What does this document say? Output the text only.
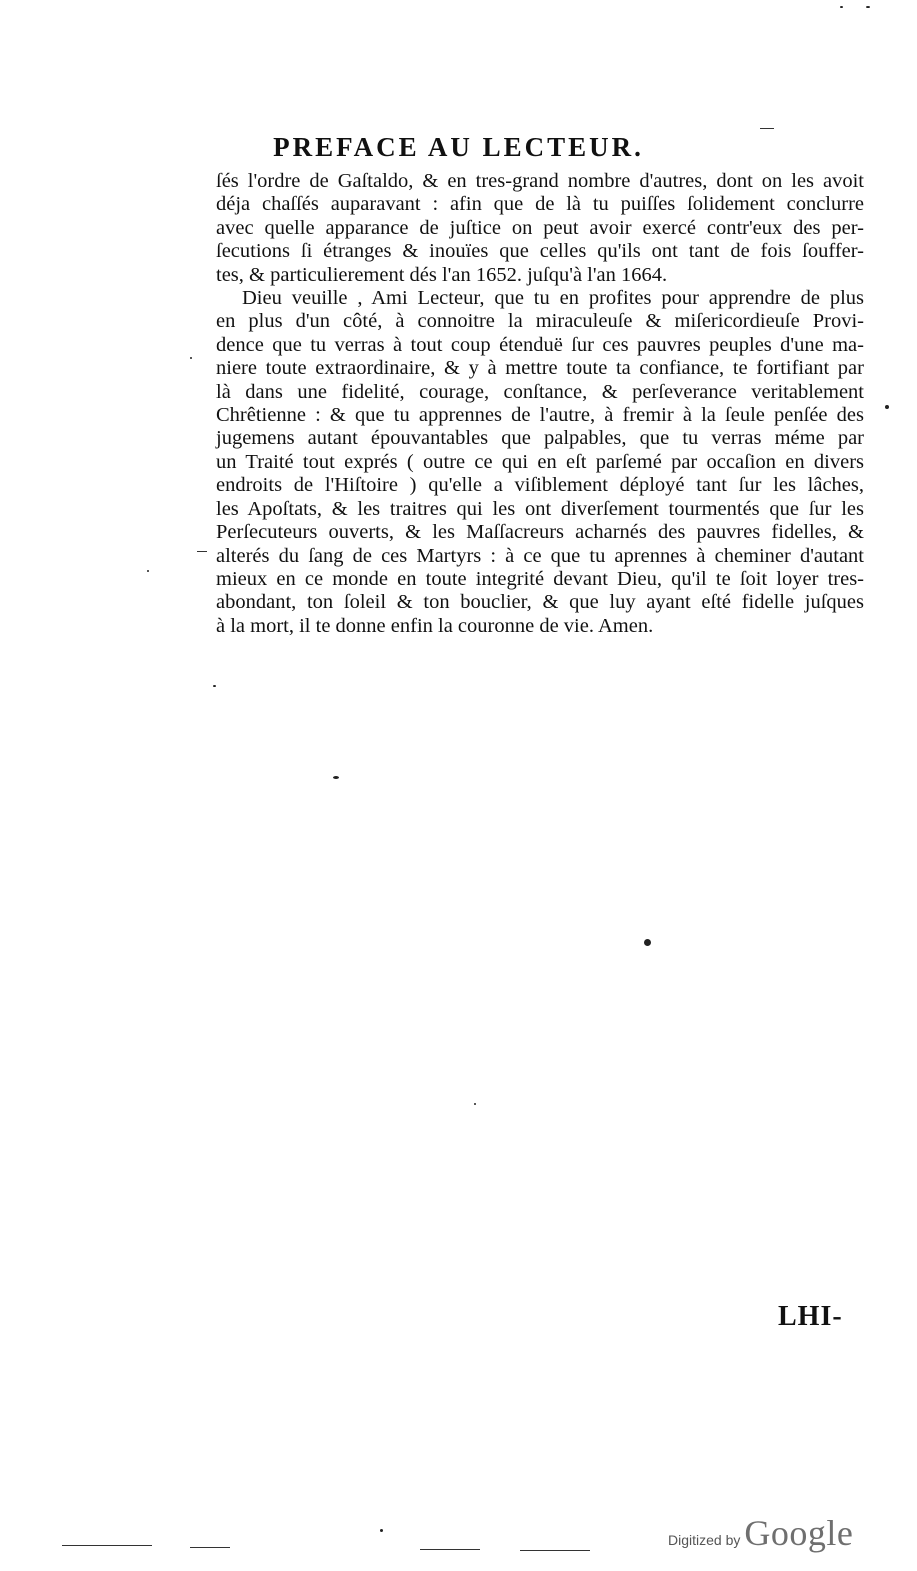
PREFACE AU LECTEUR.
ſés l'ordre de Gaſtaldo, & en tres-grand nombre d'autres, dont on les avoit
déja chaſſés auparavant : afin que de là tu puiſſes ſolidement conclurre
avec quelle apparance de juſtice on peut avoir exercé contr'eux des per-
ſecutions ſi étranges & inouïes que celles qu'ils ont tant de fois ſouffer-
tes, & particulierement dés l'an 1652. juſqu'à l'an 1664.
Dieu veuille , Ami Lecteur, que tu en profites pour apprendre de plus
en plus d'un côté, à connoitre la miraculeuſe & miſericordieuſe Provi-
dence que tu verras à tout coup étenduë ſur ces pauvres peuples d'une ma-
niere toute extraordinaire, & y à mettre toute ta confiance, te fortifiant par
là dans une fidelité, courage, conſtance, & perſeverance veritablement
Chrêtienne : & que tu apprennes de l'autre, à fremir à la ſeule penſée des
jugemens autant épouvantables que palpables, que tu verras méme par
un Traité tout exprés ( outre ce qui en eſt parſemé par occaſion en divers
endroits de l'Hiſtoire ) qu'elle a viſiblement déployé tant ſur les lâches,
les Apoſtats, & les traitres qui les ont diverſement tourmentés que ſur les
Perſecuteurs ouverts, & les Maſſacreurs acharnés des pauvres fidelles, &
alterés du ſang de ces Martyrs : à ce que tu aprennes à cheminer d'autant
mieux en ce monde en toute integrité devant Dieu, qu'il te ſoit loyer tres-
abondant, ton ſoleil & ton bouclier, & que luy ayant eſté fidelle juſques
à la mort, il te donne enfin la couronne de vie. Amen.
LHI-
Digitized by Google
